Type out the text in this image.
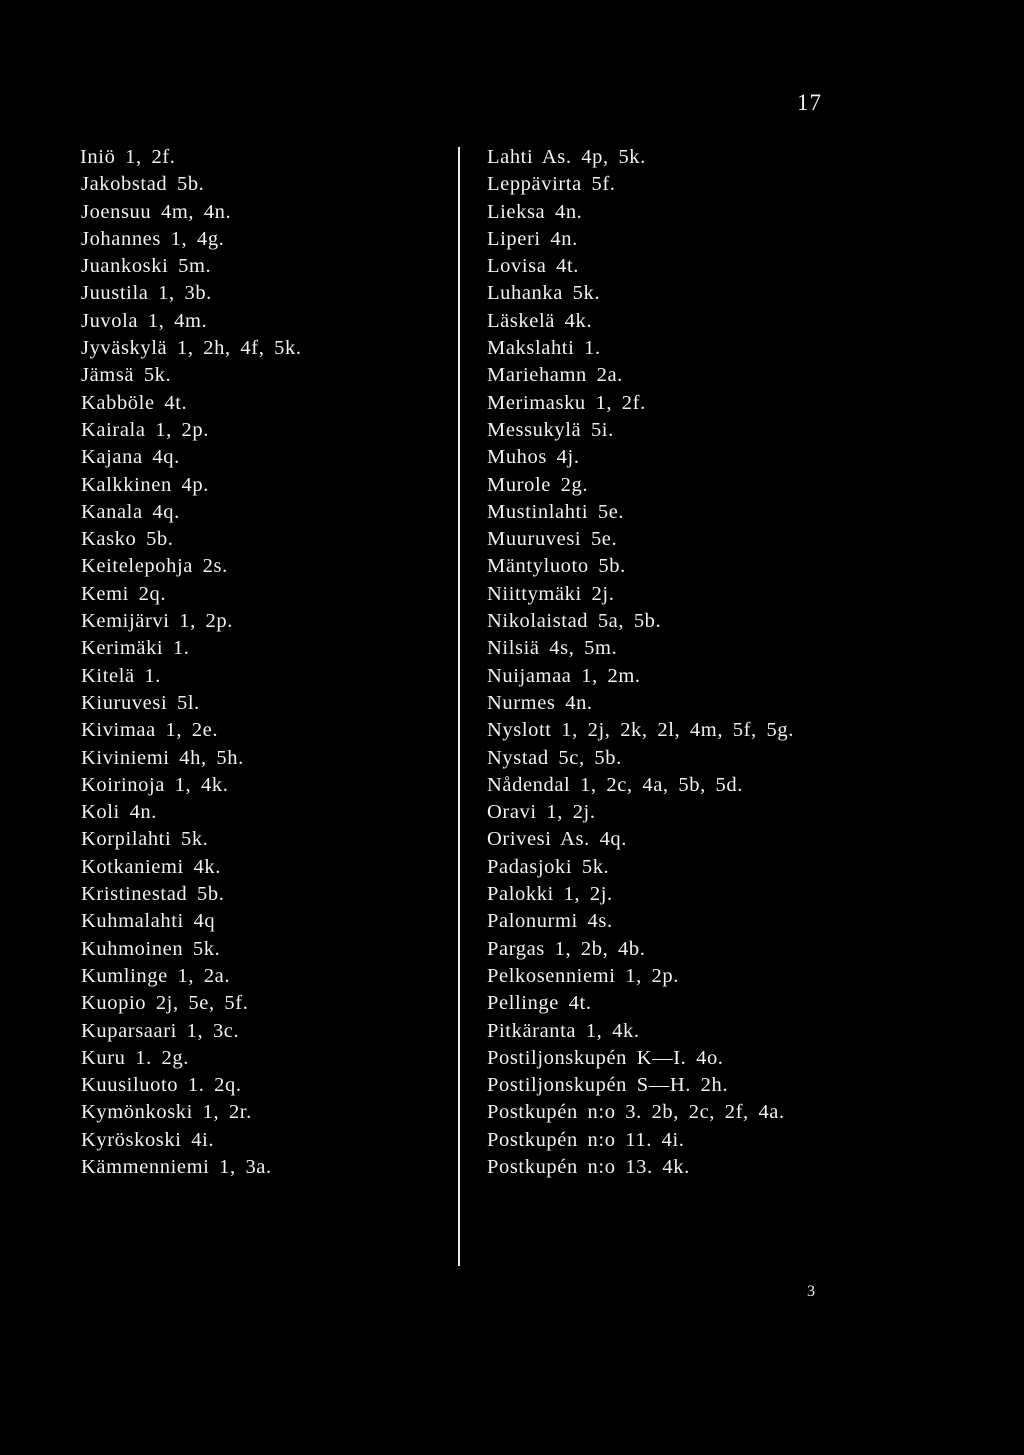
17
Iniö 1, 2f.
Jakobstad 5b.
Joensuu 4m, 4n.
Johannes 1, 4g.
Juankoski 5m.
Juustila 1, 3b.
Juvola 1, 4m.
Jyväskylä 1, 2h, 4f, 5k.
Jämsä 5k.
Kabböle 4t.
Kairala 1, 2p.
Kajana 4q.
Kalkkinen 4p.
Kanala 4q.
Kasko 5b.
Keitelepohja 2s.
Kemi 2q.
Kemijärvi 1, 2p.
Kerimäki 1.
Kitelä 1.
Kiuruvesi 5l.
Kivimaa 1, 2e.
Kiviniemi 4h, 5h.
Koirinoja 1, 4k.
Koli 4n.
Korpilahti 5k.
Kotkaniemi 4k.
Kristinestad 5b.
Kuhmalahti 4q
Kuhmoinen 5k.
Kumlinge 1, 2a.
Kuopio 2j, 5e, 5f.
Kuparsaari 1, 3c.
Kuru 1. 2g.
Kuusiluoto 1. 2q.
Kymönkoski 1, 2r.
Kyröskoski 4i.
Kämmenniemi 1, 3a.
Lahti As. 4p, 5k.
Leppävirta 5f.
Lieksa 4n.
Liperi 4n.
Lovisa 4t.
Luhanka 5k.
Läskelä 4k.
Makslahti 1.
Mariehamn 2a.
Merimasku 1, 2f.
Messukylä 5i.
Muhos 4j.
Murole 2g.
Mustinlahti 5e.
Muuruvesi 5e.
Mäntyluoto 5b.
Niittymäki 2j.
Nikolaistad 5a, 5b.
Nilsiä 4s, 5m.
Nuijamaa 1, 2m.
Nurmes 4n.
Nyslott 1, 2j, 2k, 2l, 4m, 5f, 5g.
Nystad 5c, 5b.
Nådendal 1, 2c, 4a, 5b, 5d.
Oravi 1, 2j.
Orivesi As. 4q.
Padasjoki 5k.
Palokki 1, 2j.
Palonurmi 4s.
Pargas 1, 2b, 4b.
Pelkosenniemi 1, 2p.
Pellinge 4t.
Pitkäranta 1, 4k.
Postiljonskupén K—I. 4o.
Postiljonskupén S—H. 2h.
Postkupén n:o 3. 2b, 2c, 2f, 4a.
Postkupén n:o 11. 4i.
Postkupén n:o 13. 4k.
3
